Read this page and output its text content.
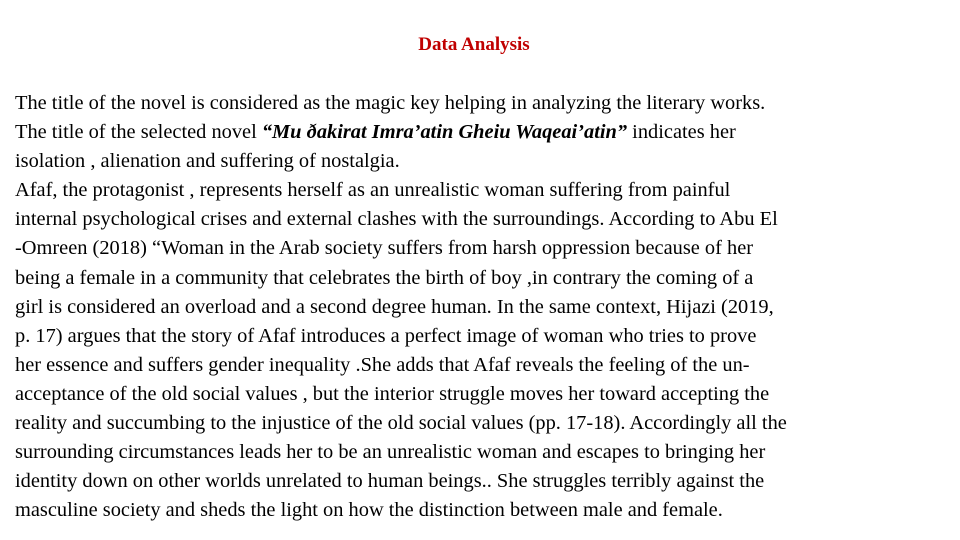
Data Analysis
The title of the novel is considered as the magic key helping in analyzing the literary works.
The title of the selected novel “Mu ðakirat Imra’atin Gheiu Waqeai’atin” indicates her
isolation , alienation and suffering of nostalgia.
Afaf, the protagonist , represents herself as an unrealistic woman suffering from painful
internal psychological crises and external clashes with the surroundings. According to Abu El
-Omreen (2018) “Woman in the Arab society suffers from harsh oppression because of her
being a female in a community that celebrates the birth of boy ,in contrary the coming of a
girl is considered an overload and a second degree human. In the same context, Hijazi (2019,
p. 17) argues that the story of Afaf introduces a perfect image of woman who tries to prove
her essence and suffers gender inequality .She adds that Afaf reveals the feeling of the un-
acceptance of the old social values , but the interior struggle moves her toward accepting the
reality and succumbing to the injustice of the old social values (pp. 17-18). Accordingly all the
surrounding circumstances leads her to be an unrealistic woman and escapes to bringing her
identity down on other worlds unrelated to human beings.. She struggles terribly against the
masculine society and sheds the light on how the distinction between male and female.
